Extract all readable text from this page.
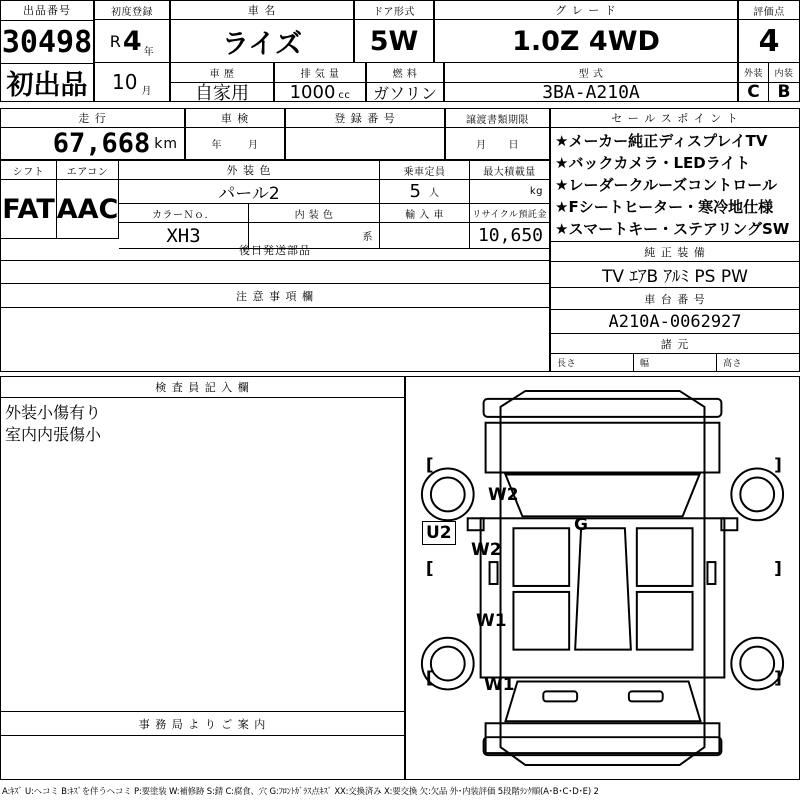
出品番号
30498
初出品
初度登録
R 4 年
10 月
車 名
ライズ
ドア形式
5W
グ レ ー ド
1.0Z 4WD
評価点
4
車 歴
自家用
排 気 量
1000 cc
燃 料
ガソリン
型 式
3BA-A210A
外装 内装
C B
走 行
67,668 km
車 検
年	月
登 録 番 号	譲渡書類期限
月 日
シフト エアコン
FAT AAC
外 装 色
パール2
カラーＮｏ．
XH3
内 装 色
系
乗車定員
5 人
最大積載量
kg
輸 入 車	リサイクル預託金
10,650
後日発送部品
注 意 事 項 欄
セ ー ル ス ポ イ ン ト
★メーカー純正ディスプレイTV
★バックカメラ・LEDライト
★レーダークルーズコントロール
★Fシートヒーター・寒冷地仕様
★スマートキー・ステアリングSW
純 正 装 備
TV ｴｱB ｱﾙﾐ PS PW
車 台 番 号
A210A-0062927
諸 元
長さ	幅	高さ
検 査 員 記 入 欄
外装小傷有り
室内内張傷小
事 務 局 よ り ご 案 内
[	]
[	]
[	]
W2
U2	G
W2
W1
W1
A:ｷｽﾞ U:ヘコミ B:ｷｽﾞを伴うヘコミ P:要塗装 W:補修跡 S:錆 C:腐食、穴 G:ﾌﾛﾝﾄｶﾞﾗｽ点ｷｽﾞ XX:交換済み X:要交換 欠:欠品 外･内装評価 5段階ﾗﾝｸ順(A･B･C･D･E) 2
